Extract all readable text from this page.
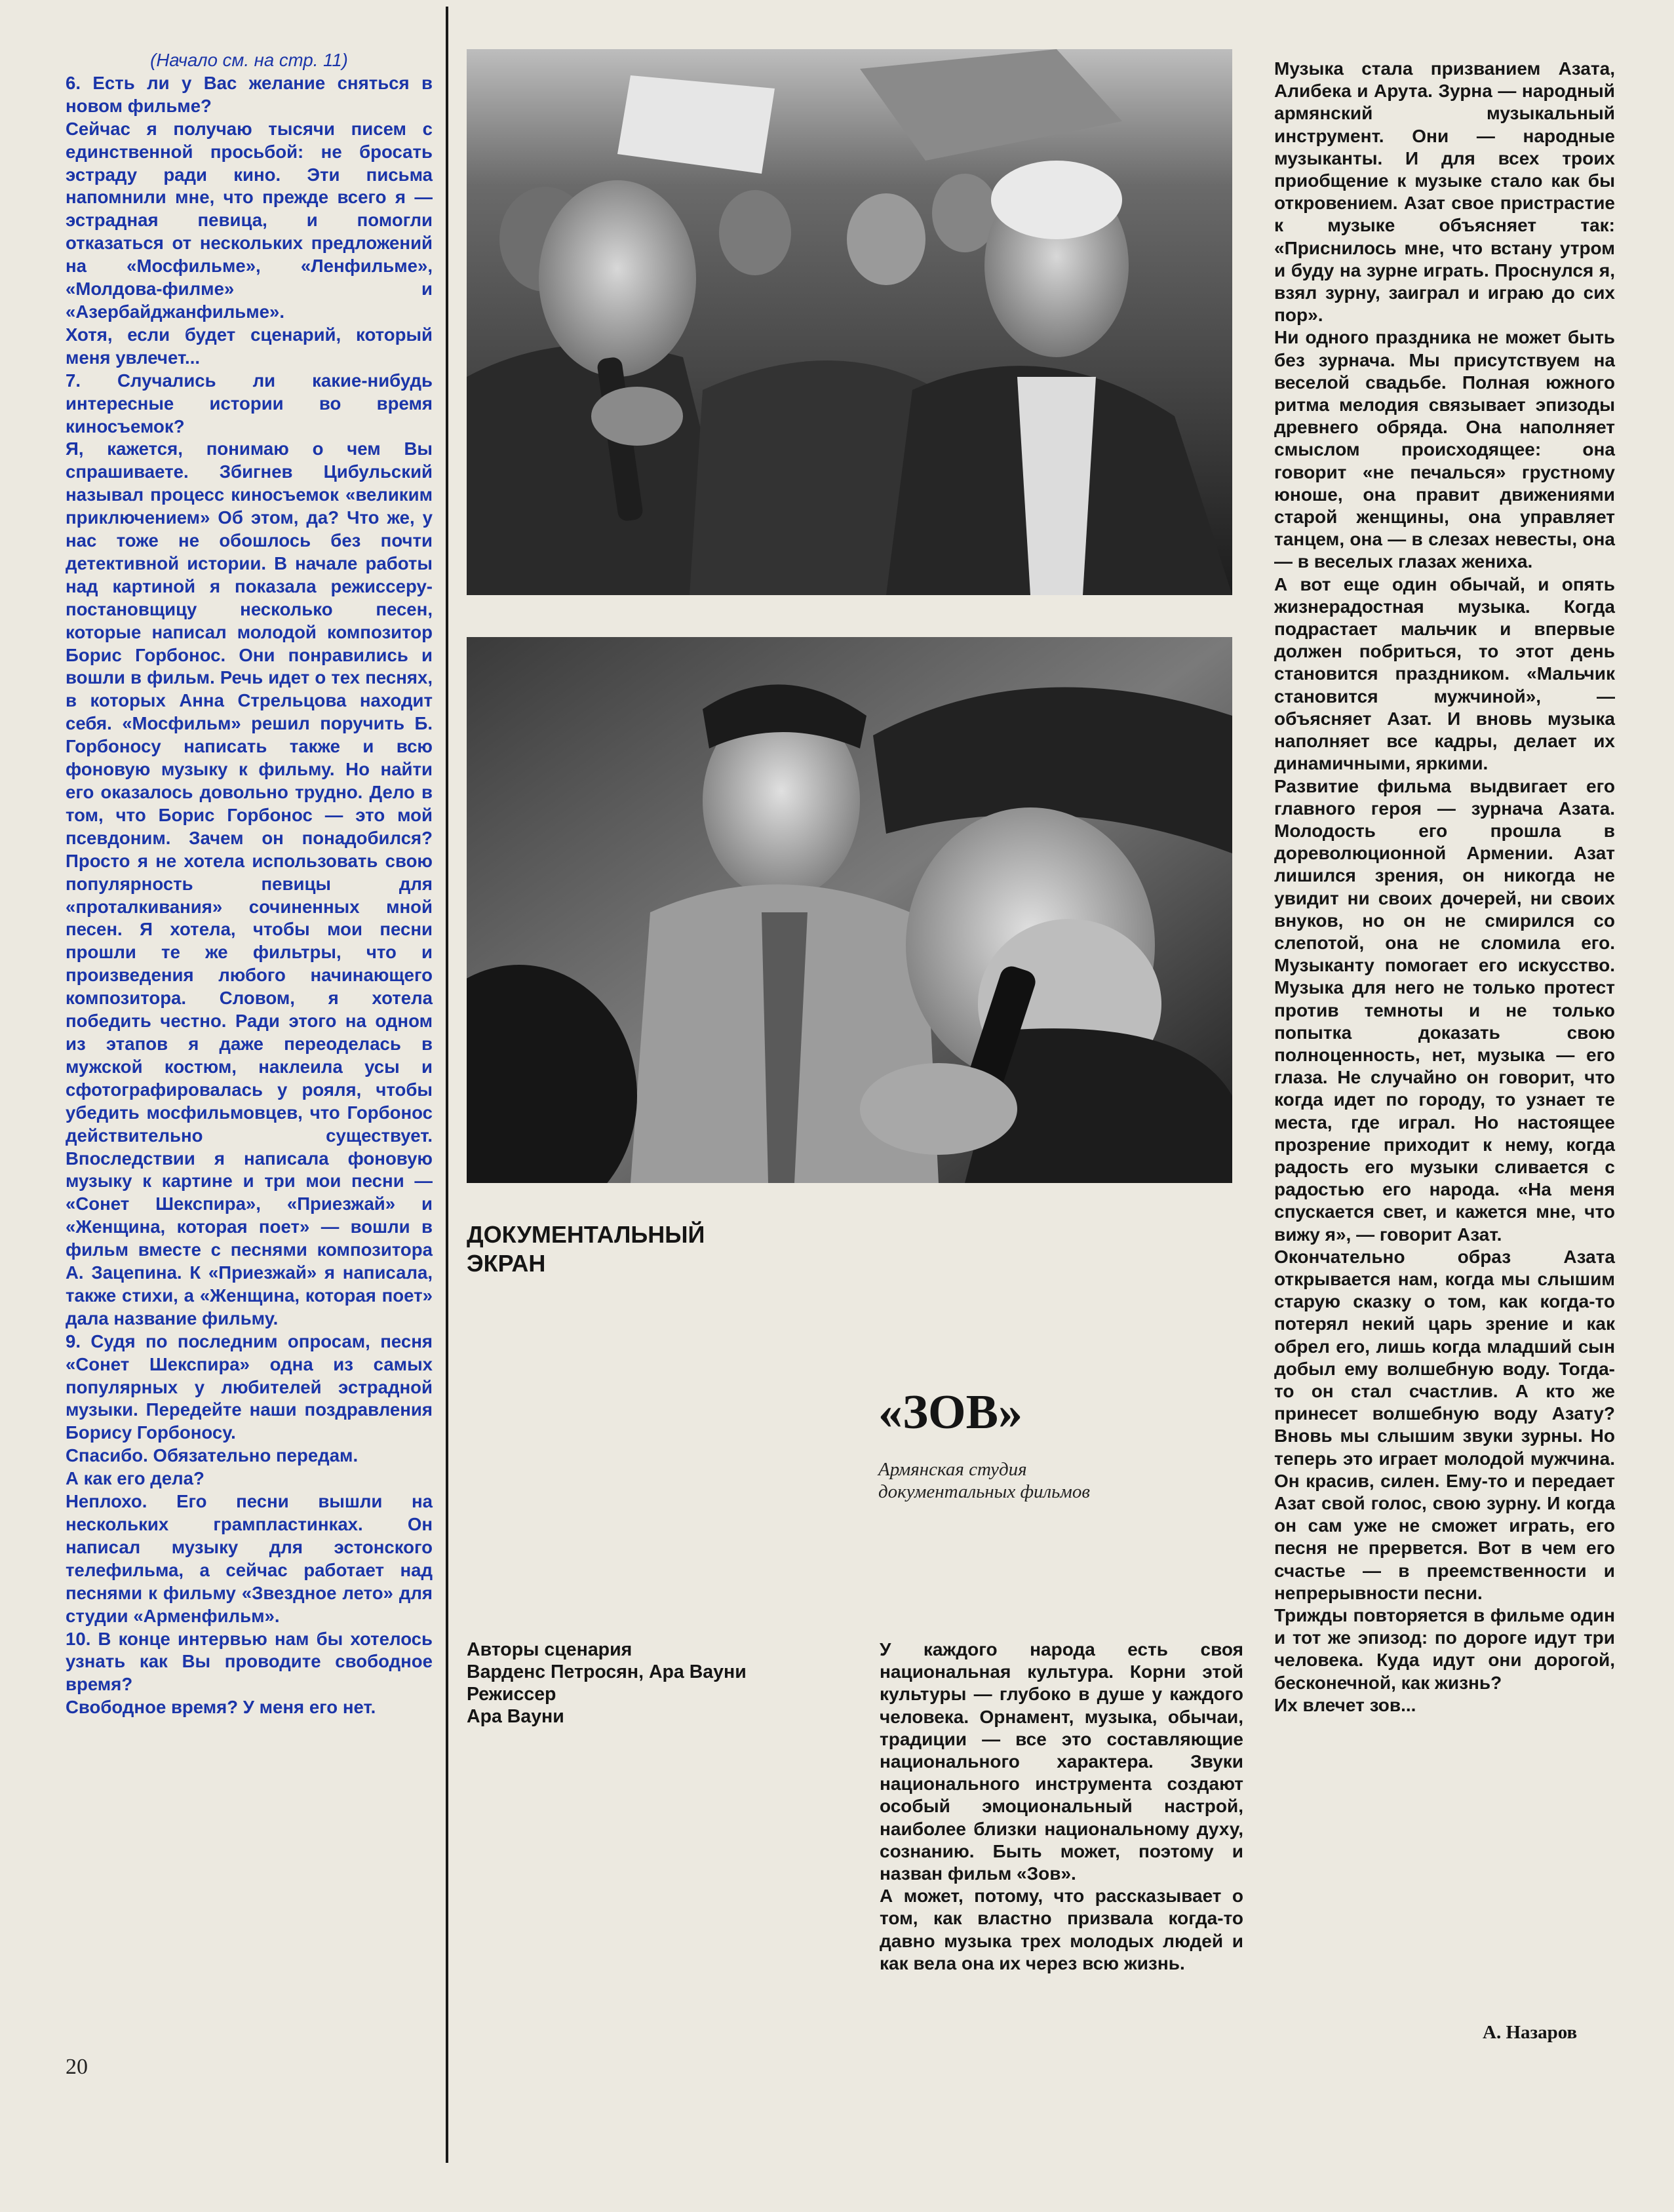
(Начало см. на стр. 11)

6. Есть ли у Вас желание сняться в новом фильме?
Сейчас я получаю тысячи писем с единственной просьбой: не бросать эстраду ради кино. Эти письма напомнили мне, что прежде всего я — эстрадная певица, и помогли отказаться от нескольких предложений на «Мосфильме», «Ленфильме», «Молдова-филме» и «Азербайджанфильме».
Хотя, если будет сценарий, который меня увлечет...
7. Случались ли какие-нибудь интересные истории во время киносъемок?
Я, кажется, понимаю о чем Вы спрашиваете. Збигнев Цибульский называл процесс киносъемок «великим приключением» Об этом, да? Что же, у нас тоже не обошлось без почти детективной истории. В начале работы над картиной я показала режиссеру-постановщицу несколько песен, которые написал молодой композитор Борис Горбонос. Они понравились и вошли в фильм. Речь идет о тех песнях, в которых Анна Стрельцова находит себя. «Мосфильм» решил поручить Б. Горбоносу написать также и всю фоновую музыку к фильму. Но найти его оказалось довольно трудно. Дело в том, что Борис Горбонос — это мой псевдоним. Зачем он понадобился? Просто я не хотела использовать свою популярность певицы для «проталкивания» сочиненных мной песен. Я хотела, чтобы мои песни прошли те же фильтры, что и произведения любого начинающего композитора. Словом, я хотела победить честно. Ради этого на одном из этапов я даже переоделась в мужской костюм, наклеила усы и сфотографировалась у рояля, чтобы убедить мосфильмовцев, что Горбонос действительно существует. Впоследствии я написала фоновую музыку к картине и три мои песни — «Сонет Шекспира», «Приезжай» и «Женщина, которая поет» — вошли в фильм вместе с песнями композитора А. Зацепина. К «Приезжай» я написала, также стихи, а «Женщина, которая поет» дала название фильму.
9. Судя по последним опросам, песня «Сонет Шекспира» одна из самых популярных у любителей эстрадной музыки. Передейте наши поздравления Борису Горбоносу.
Спасибо. Обязательно передам.
А как его дела?
Неплохо. Его песни вышли на нескольких грампластинках. Он написал музыку для эстонского телефильма, а сейчас работает над песнями к фильму «Звездное лето» для студии «Арменфильм».
10. В конце интервью нам бы хотелось узнать как Вы проводите свободное время?
Свободное время? У меня его нет.

20

Музыка стала призванием Азата, Алибека и Арута. Зурна — народный армянский музыкальный инструмент. Они — народные музыканты. И для всех троих приобщение к музыке стало как бы откровением. Азат свое пристрастие к музыке объясняет так: «Приснилось мне, что встану утром и буду на зурне играть. Проснулся я, взял зурну, заиграл и играю до сих пор».
Ни одного праздника не может быть без зурнача. Мы присутствуем на веселой свадьбе. Полная южного ритма мелодия связывает эпизоды древнего обряда. Она наполняет смыслом происходящее: она говорит «не печалься» грустному юноше, она правит движениями старой женщины, она управляет танцем, она — в слезах невесты, она — в веселых глазах жениха.
А вот еще один обычай, и опять жизнерадостная музыка. Когда подрастает мальчик и впервые должен побриться, то этот день становится праздником. «Мальчик становится мужчиной», — объясняет Азат. И вновь музыка наполняет все кадры, делает их динамичными, яркими.
Развитие фильма выдвигает его главного героя — зурнача Азата. Молодость его прошла в дореволюционной Армении. Азат лишился зрения, он никогда не увидит ни своих дочерей, ни своих внуков, но он не смирился со слепотой, она не сломила его. Музыканту помогает его искусство. Музыка для него не только протест против темноты и не только попытка доказать свою полноценность, нет, музыка — его глаза. Не случайно он говорит, что когда идет по городу, то узнает те места, где играл. Но настоящее прозрение приходит к нему, когда радость его музыки сливается с радостью его народа. «На меня спускается свет, и кажется мне, что вижу я», — говорит Азат.
Окончательно образ Азата открывается нам, когда мы слышим старую сказку о том, как когда-то потерял некий царь зрение и как обрел его, лишь когда младший сын добыл ему волшебную воду. Тогда-то он стал счастлив. А кто же принесет волшебную воду Азату? Вновь мы слышим звуки зурны. Но теперь это играет молодой мужчина. Он красив, силен. Ему-то и передает Азат свой голос, свою зурну. И когда он сам уже не сможет играть, его песня не прервется. Вот в чем его счастье — в преемственности и непрерывности песни.
Трижды повторяется в фильме один и тот же эпизод: по дороге идут три человека. Куда идут они дорогой, бесконечной, как жизнь?
Их влечет зов...

ДОКУМЕНТАЛЬНЫЙ
ЭКРАН
«ЗОВ»
Армянская студия
документальных фильмов
Авторы сценария
Варденс Петросян, Ара Вауни
Режиссер
Ара Вауни

У каждого народа есть своя национальная культура. Корни этой культуры — глубоко в душе у каждого человека. Орнамент, музыка, обычаи, традиции — все это составляющие национального характера. Звуки национального инструмента создают особый эмоциональный настрой, наиболее близки национальному духу, сознанию. Быть может, поэтому и назван фильм «Зов».
А может, потому, что рассказывает о том, как властно призвала когда-то давно музыка трех молодых людей и как вела она их через всю жизнь.

А. Назаров
